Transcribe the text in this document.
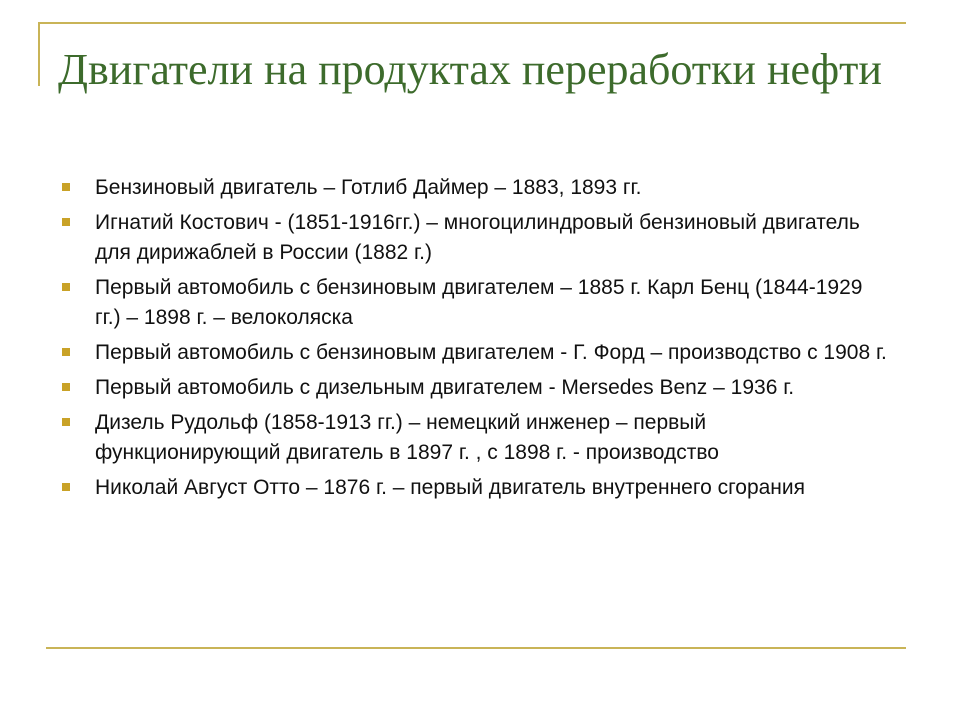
Двигатели на продуктах переработки нефти
Бензиновый двигатель – Готлиб Даймер – 1883, 1893 гг.
Игнатий Костович - (1851-1916гг.) – многоцилиндровый бензиновый двигатель для дирижаблей в России (1882 г.)
Первый автомобиль с бензиновым двигателем – 1885 г. Карл Бенц (1844-1929 гг.) – 1898 г. – велоколяска
Первый автомобиль с бензиновым двигателем - Г. Форд – производство с 1908 г.
Первый автомобиль с дизельным двигателем - Mersedes Benz – 1936 г.
Дизель Рудольф (1858-1913 гг.) – немецкий инженер – первый функционирующий двигатель в 1897 г. , с 1898 г. - производство
Николай Август Отто – 1876 г. – первый двигатель внутреннего сгорания
